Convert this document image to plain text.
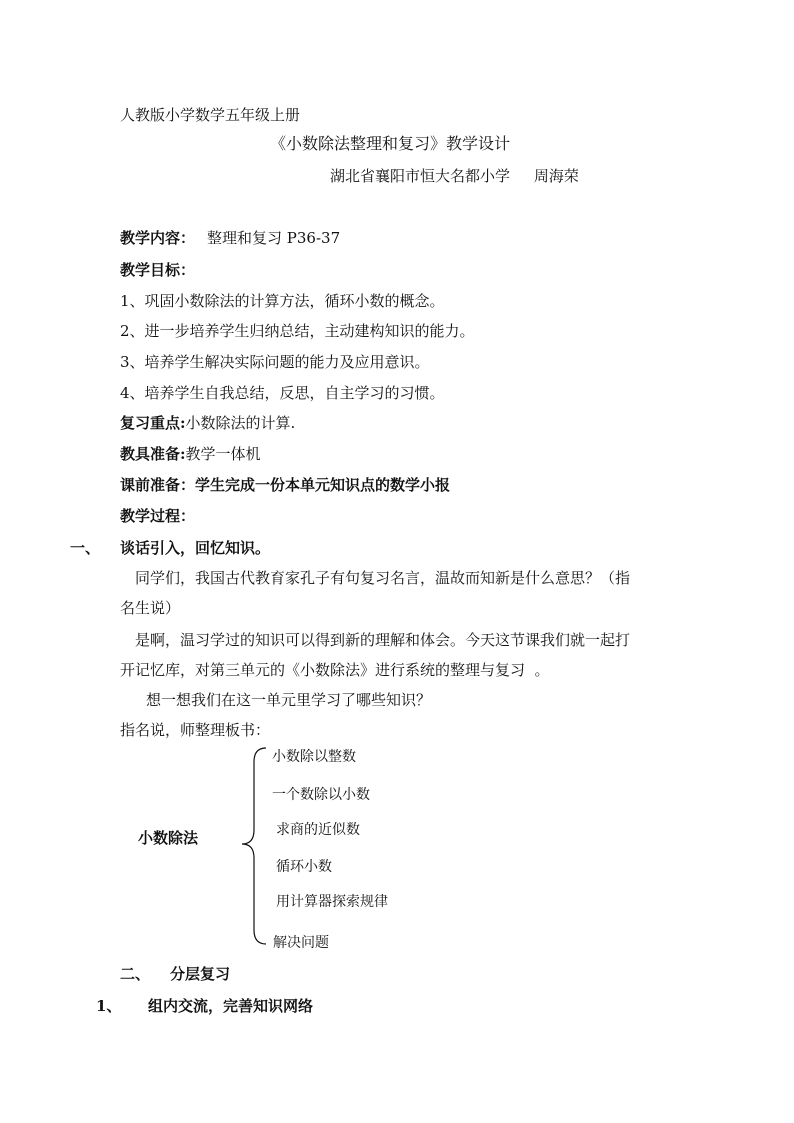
人教版小学数学五年级上册
《小数除法整理和复习》教学设计
湖北省襄阳市恒大名都小学     周海荣
教学内容： 整理和复习 P36-37
教学目标：
1、巩固小数除法的计算方法，循环小数的概念。
2、进一步培养学生归纳总结，主动建构知识的能力。
3、培养学生解决实际问题的能力及应用意识。
4、培养学生自我总结，反思，自主学习的习惯。
复习重点:小数除法的计算.
教具准备:教学一体机
课前准备：学生完成一份本单元知识点的数学小报
教学过程：
一、 谈话引入，回忆知识。
同学们，我国古代教育家孔子有句复习名言，温故而知新是什么意思？（指
名生说）
是啊，温习学过的知识可以得到新的理解和体会。今天这节课我们就一起打
开记忆库，对第三单元的《小数除法》进行系统的整理与复习  。
想一想我们在这一单元里学习了哪些知识？
指名说，师整理板书：
小数除法
小数除以整数
一个数除以小数
求商的近似数
循环小数
用计算器探索规律
解决问题
二、 分层复习
1、 组内交流，完善知识网络
